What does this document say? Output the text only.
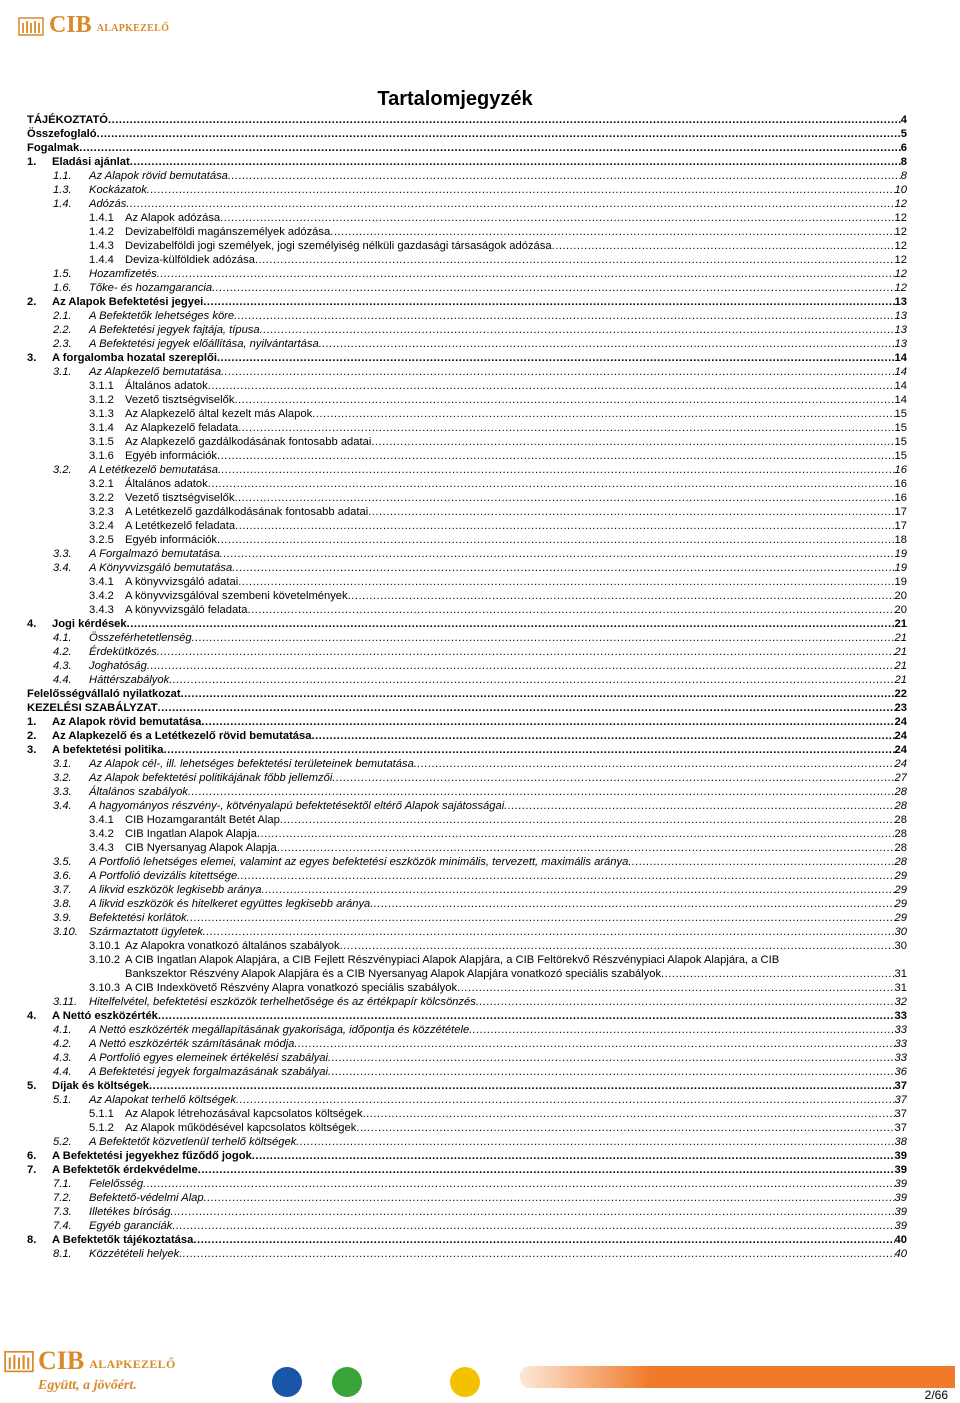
CIB ALAPKEZELŐ
Tartalomjegyzék
TÁJÉKOZTATÓ .....	4
Összefoglaló .....	5
Fogalmak .....	6
1.	Eladási ajánlat .....	8
1.1.	Az Alapok rövid bemutatása .....	8
1.3.	Kockázatok .....	10
1.4.	Adózás .....	12
1.4.1 Az Alapok adózása .....	12
1.4.2 Devizabelföldi magánszemélyek adózása .....	12
1.4.3 Devizabelföldi jogi személyek, jogi személyiség nélküli gazdasági társaságok adózása .....	12
1.4.4 Deviza-külföldiek adózása .....	12
1.5.	Hozamfizetés .....	12
1.6.	Tőke- és hozamgarancia .....	12
2.	Az Alapok Befektetési jegyei .....	13
2.1.	A Befektetők lehetséges köre .....	13
2.2.	A Befektetési jegyek fajtája, típusa .....	13
2.3.	A Befektetési jegyek előállítása, nyilvántartása .....	13
3.	A forgalomba hozatal szereplői .....	14
3.1.	Az Alapkezelő bemutatása .....	14
3.1.1 Általános adatok .....	14
3.1.2 Vezető tisztségviselők .....	14
3.1.3 Az Alapkezelő által kezelt más Alapok .....	15
3.1.4 Az Alapkezelő feladata .....	15
3.1.5 Az Alapkezelő gazdálkodásának fontosabb adatai .....	15
3.1.6 Egyéb információk .....	15
3.2.	A Letétkezelő bemutatása .....	16
3.2.1 Általános adatok .....	16
3.2.2 Vezető tisztségviselők .....	16
3.2.3 A Letétkezelő gazdálkodásának fontosabb adatai .....	17
3.2.4 A Letétkezelő feladata .....	17
3.2.5 Egyéb információk .....	18
3.3.	A Forgalmazó bemutatása .....	19
3.4.	A Könyvvizsgáló bemutatása .....	19
3.4.1 A könyvvizsgáló adatai .....	19
3.4.2 A könyvvizsgálóval szembeni követelmények .....	20
3.4.3 A könyvvizsgáló feladata .....	20
4.	Jogi kérdések .....	21
4.1.	Összeférhetetlenség .....	21
4.2.	Érdekütközés .....	21
4.3.	Joghatóság .....	21
4.4.	Háttérszabályok .....	21
Felelősségvállaló nyilatkozat .....	22
KEZELÉSI SZABÁLYZAT .....	23
1.	Az Alapok rövid bemutatása .....	24
2.	Az Alapkezelő és a Letétkezelő rövid bemutatása .....	24
3.	A befektetési politika .....	24
3.1.	Az Alapok cél-, ill. lehetséges befektetési területeinek bemutatása .....	24
3.2.	Az Alapok befektetési politikájának főbb jellemzői .....	27
3.3.	Általános szabályok .....	28
3.4.	A hagyományos részvény-, kötvényalapú befektetésektől eltérő Alapok sajátosságai .....	28
3.4.1 CIB Hozamgarantált Betét Alap .....	28
3.4.2 CIB Ingatlan Alapok Alapja .....	28
3.4.3 CIB Nyersanyag Alapok Alapja .....	28
3.5.	A Portfolió lehetséges elemei, valamint az egyes befektetési eszközök minimális, tervezett, maximális aránya .....	28
3.6.	A Portfolió devizális kitettsége .....	29
3.7.	A likvid eszközök legkisebb aránya .....	29
3.8.	A likvid eszközök és hitelkeret együttes legkisebb aránya .....	29
3.9.	Befektetési korlátok .....	29
3.10. Származtatott ügyletek .....	30
3.10.1 Az Alapokra vonatkozó általános szabályok .....	30
3.10.2 A CIB Ingatlan Alapok Alapjára, a CIB Fejlett Részvénypiaci Alapok Alapjára, a CIB Feltörekvő Részvénypiaci Alapok Alapjára, a CIB
Bankszektor Részvény Alapok Alapjára és a CIB Nyersanyag Alapok Alapjára vonatkozó speciális szabályok .....	31
3.10.3 A CIB Indexkövető Részvény Alapra vonatkozó speciális szabályok .....	31
3.11.	Hitelfelvétel, befektetési eszközök terhelhetősége és az értékpapír kölcsönzés .....	32
4.	A Nettó eszközérték .....	33
4.1.	A Nettó eszközérték megállapításának gyakorisága, időpontja és közzététele .....	33
4.2.	A Nettó eszközérték számításának módja .....	33
4.3.	A Portfolió egyes elemeinek értékelési szabályai .....	33
4.4.	A Befektetési jegyek forgalmazásának szabályai .....	36
5.	Díjak és költségek .....	37
5.1.	Az Alapokat terhelő költségek .....	37
5.1.1 Az Alapok létrehozásával kapcsolatos költségek .....	37
5.1.2 Az Alapok működésével kapcsolatos költségek .....	37
5.2.	A Befektetőt közvetlenül terhelő költségek .....	38
6.	A Befektetési jegyekhez fűződő jogok .....	39
7.	A Befektetők érdekvédelme .....	39
7.1.	Felelősség .....	39
7.2.	Befektető-védelmi Alap .....	39
7.3.	Illetékes bíróság .....	39
7.4.	Egyéb garanciák .....	39
8.	A Befektetők tájékoztatása .....	40
8.1.	Közzétételi helyek .....	40
CIB ALAPKEZELŐ
Együtt, a jövőért.
2/66
